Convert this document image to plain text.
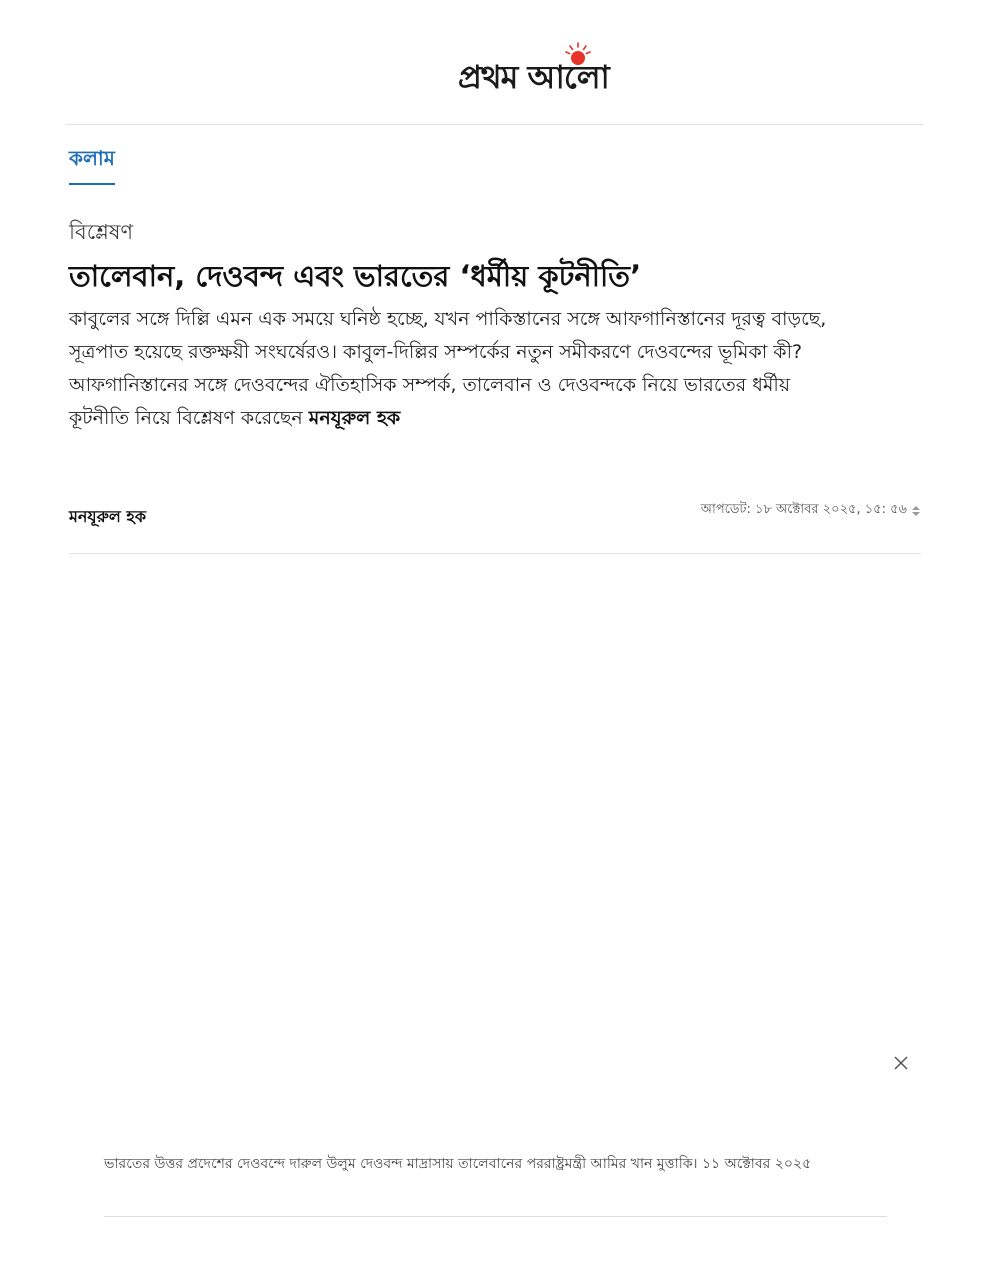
প্রথম আলো
কলাম
বিশ্লেষণ
তালেবান, দেওবন্দ এবং ভারতের ‘ধর্মীয় কূটনীতি’
কাবুলের সঙ্গে দিল্লি এমন এক সময়ে ঘনিষ্ঠ হচ্ছে, যখন পাকিস্তানের সঙ্গে আফগানিস্তানের দূরত্ব বাড়ছে,
সূত্রপাত হয়েছে রক্তক্ষয়ী সংঘর্ষেরও। কাবুল-দিল্লির সম্পর্কের নতুন সমীকরণে দেওবন্দের ভূমিকা কী?
আফগানিস্তানের সঙ্গে দেওবন্দের ঐতিহাসিক সম্পর্ক, তালেবান ও দেওবন্দকে নিয়ে ভারতের ধর্মীয়
কূটনীতি নিয়ে বিশ্লেষণ করেছেন মনযূরুল হক
মনযূরুল হক	আপডেট: ১৮ অক্টোবর ২০২৫, ১৫: ৫৬

ভারতের উত্তর প্রদেশের দেওবন্দে দারুল উলুম দেওবন্দ মাদ্রাসায় তালেবানের পররাষ্ট্রমন্ত্রী আমির খান মুত্তাকি। ১১ অক্টোবর ২০২৫
